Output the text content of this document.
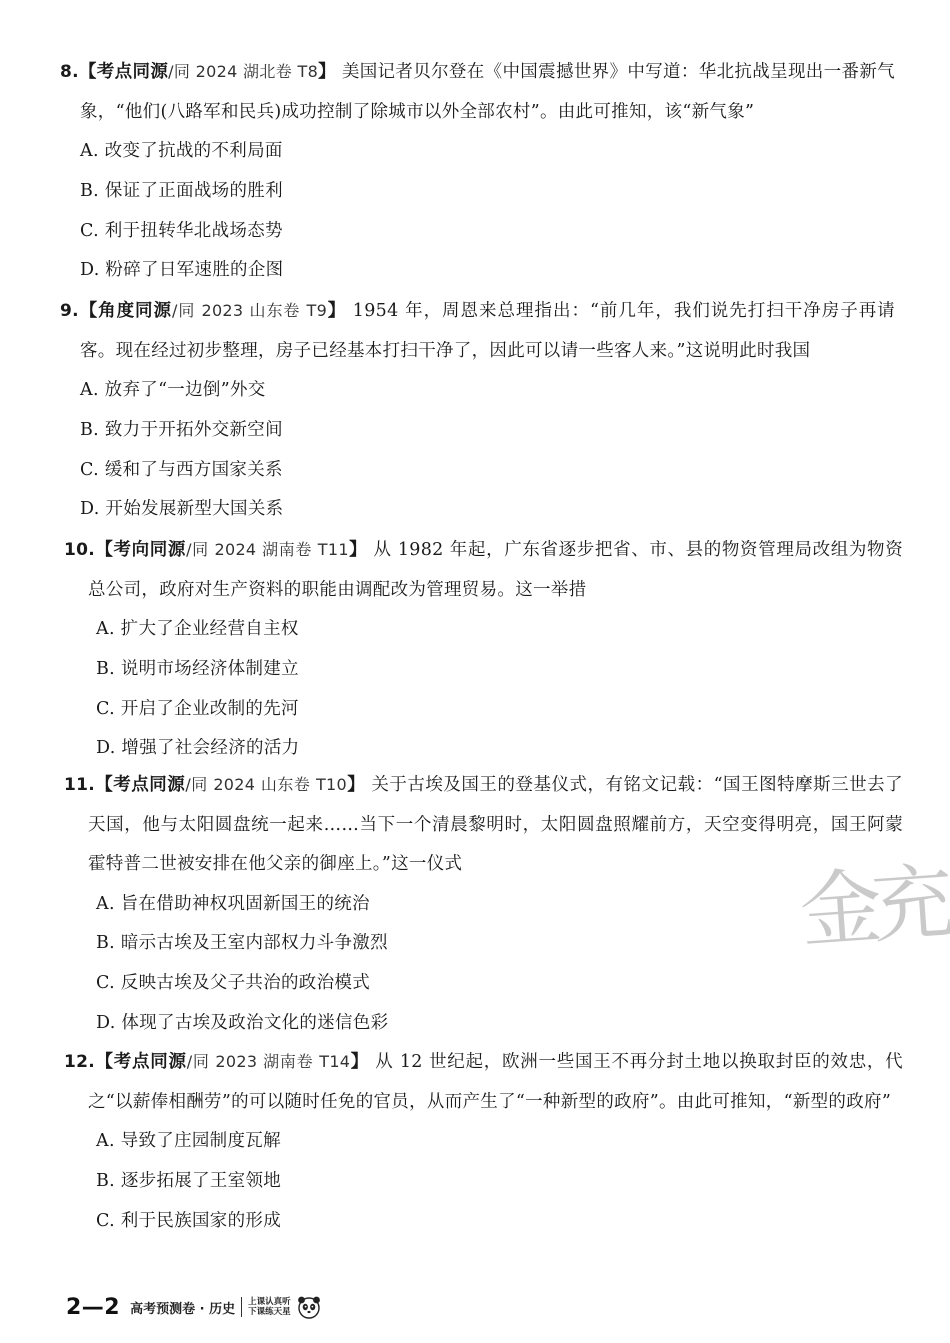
8.【考点同源/同 2024 湖北卷 T8】 美国记者贝尔登在《中国震撼世界》中写道：华北抗战呈现出一番新气象，“他们(八路军和民兵)成功控制了除城市以外全部农村”。由此可推知，该“新气象”
A. 改变了抗战的不利局面
B. 保证了正面战场的胜利
C. 利于扭转华北战场态势
D. 粉碎了日军速胜的企图
9.【角度同源/同 2023 山东卷 T9】 1954 年，周恩来总理指出：“前几年，我们说先打扫干净房子再请客。现在经过初步整理，房子已经基本打扫干净了，因此可以请一些客人来。”这说明此时我国
A. 放弃了“一边倒”外交
B. 致力于开拓外交新空间
C. 缓和了与西方国家关系
D. 开始发展新型大国关系
10.【考向同源/同 2024 湖南卷 T11】 从 1982 年起，广东省逐步把省、市、县的物资管理局改组为物资总公司，政府对生产资料的职能由调配改为管理贸易。这一举措
A. 扩大了企业经营自主权
B. 说明市场经济体制建立
C. 开启了企业改制的先河
D. 增强了社会经济的活力
11.【考点同源/同 2024 山东卷 T10】 关于古埃及国王的登基仪式，有铭文记载：“国王图特摩斯三世去了天国，他与太阳圆盘统一起来……当下一个清晨黎明时，太阳圆盘照耀前方，天空变得明亮，国王阿蒙霍特普二世被安排在他父亲的御座上。”这一仪式
A. 旨在借助神权巩固新国王的统治
B. 暗示古埃及王室内部权力斗争激烈
C. 反映古埃及父子共治的政治模式
D. 体现了古埃及政治文化的迷信色彩
12.【考点同源/同 2023 湖南卷 T14】 从 12 世纪起，欧洲一些国王不再分封土地以换取封臣的效忠，代之“以薪俸相酬劳”的可以随时任免的官员，从而产生了“一种新型的政府”。由此可推知，“新型的政府”
A. 导致了庄园制度瓦解
B. 逐步拓展了王室领地
C. 利于民族国家的形成
金充
2—2 高考预测卷 · 历史 上课认真听
下课练天星
